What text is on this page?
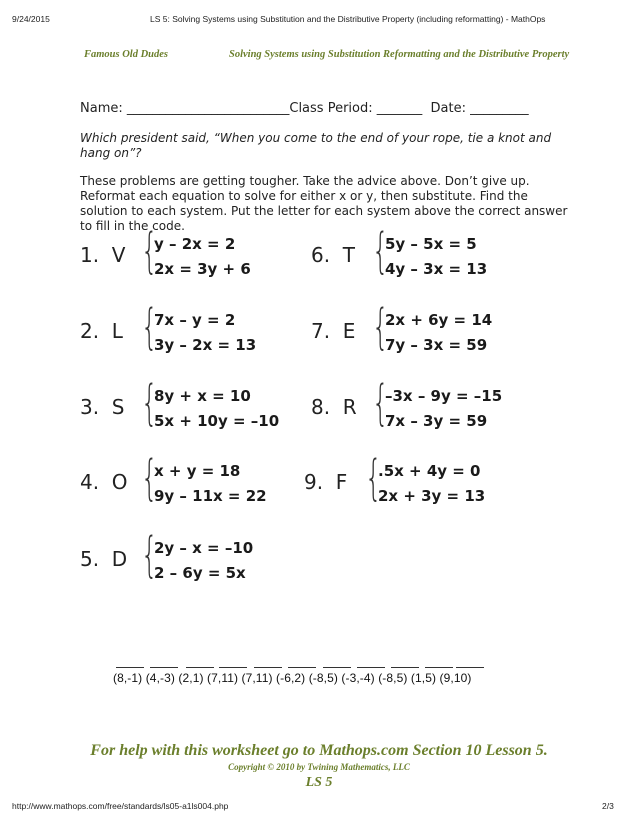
9/24/2015	LS 5: Solving Systems using Substitution and the Distributive Property (including reformatting) - MathOps
Famous Old Dudes	Solving Systems using Substitution Reformatting and the Distributive Property
Name: _________________________Class Period: _______  Date: _________
Which president said, “When you come to the end of your rope, tie a knot and hang on”?
These problems are getting tougher. Take the advice above. Don’t give up. Reformat each equation to solve for either x or y, then substitute. Find the solution to each system. Put the letter for each system above the correct answer to fill in the code.
1.  V {
y – 2x = 2
2x = 3y + 6
2.  L {
7x – y = 2
3y – 2x = 13
3.  S {
8y + x = 10
5x + 10y = –10
4.  O {
x + y = 18
9y – 11x = 22
5.  D {
2y – x = –10
2 – 6y = 5x
6.  T {
5y – 5x = 5
4y – 3x = 13
7.  E {
2x + 6y = 14
7y – 3x = 59
8.  R {
–3x – 9y = –15
7x – 3y = 59
9.  F {
.5x + 4y = 0
2x + 3y = 13
(8,-1) (4,-3) (2,1) (7,11) (7,11) (-6,2) (-8,5) (-3,-4) (-8,5) (1,5) (9,10)
For help with this worksheet go to Mathops.com Section 10 Lesson 5.
Copyright © 2010 by Twining Mathematics, LLC
LS 5
http://www.mathops.com/free/standards/ls05-a1ls004.php	2/3
